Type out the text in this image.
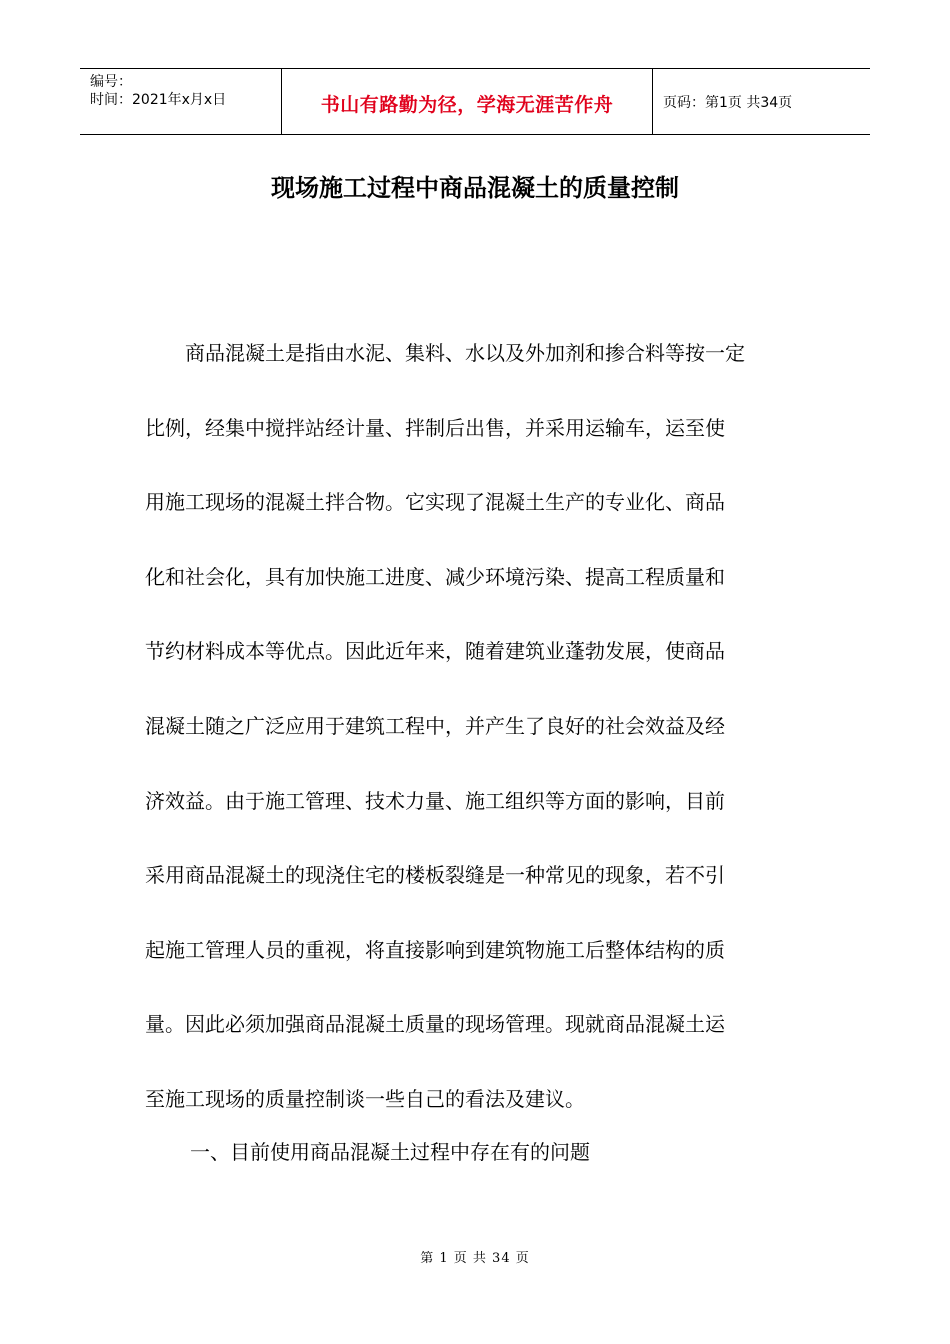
编号：
时间：2021年x月x日	书山有路勤为径，学海无涯苦作舟	页码：第1页 共34页
现场施工过程中商品混凝土的质量控制
　　商品混凝土是指由水泥、集料、水以及外加剂和掺合料等按一定
比例，经集中搅拌站经计量、拌制后出售，并采用运输车，运至使
用施工现场的混凝土拌合物。它实现了混凝土生产的专业化、商品
化和社会化，具有加快施工进度、减少环境污染、提高工程质量和
节约材料成本等优点。因此近年来，随着建筑业蓬勃发展，使商品
混凝土随之广泛应用于建筑工程中，并产生了良好的社会效益及经
济效益。由于施工管理、技术力量、施工组织等方面的影响，目前
采用商品混凝土的现浇住宅的楼板裂缝是一种常见的现象，若不引
起施工管理人员的重视，将直接影响到建筑物施工后整体结构的质
量。因此必须加强商品混凝土质量的现场管理。现就商品混凝土运
至施工现场的质量控制谈一些自己的看法及建议。
一、目前使用商品混凝土过程中存在有的问题
第 1 页 共 34 页
